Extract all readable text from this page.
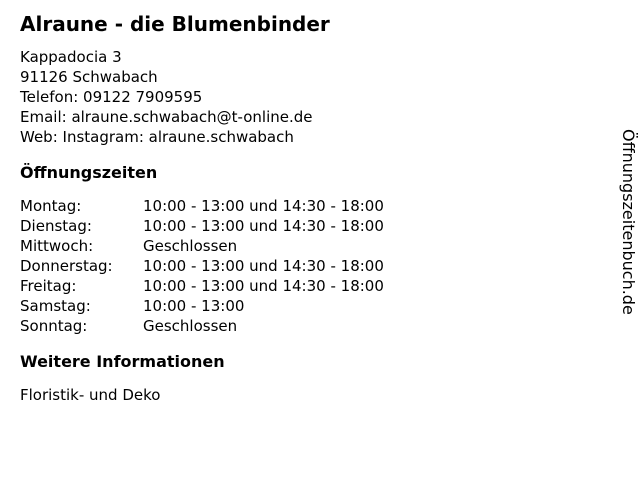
Alraune - die Blumenbinder
Kappadocia 3
91126 Schwabach
Telefon: 09122 7909595
Email: alraune.schwabach@t-online.de
Web: Instagram: alraune.schwabach
Öffnungszeiten
Montag:	10:00 - 13:00 und 14:30 - 18:00
Dienstag:	10:00 - 13:00 und 14:30 - 18:00
Mittwoch:	Geschlossen
Donnerstag:	10:00 - 13:00 und 14:30 - 18:00
Freitag:	10:00 - 13:00 und 14:30 - 18:00
Samstag:	10:00 - 13:00
Sonntag:	Geschlossen
Weitere Informationen
Floristik- und Deko
Öffnungszeitenbuch.de
